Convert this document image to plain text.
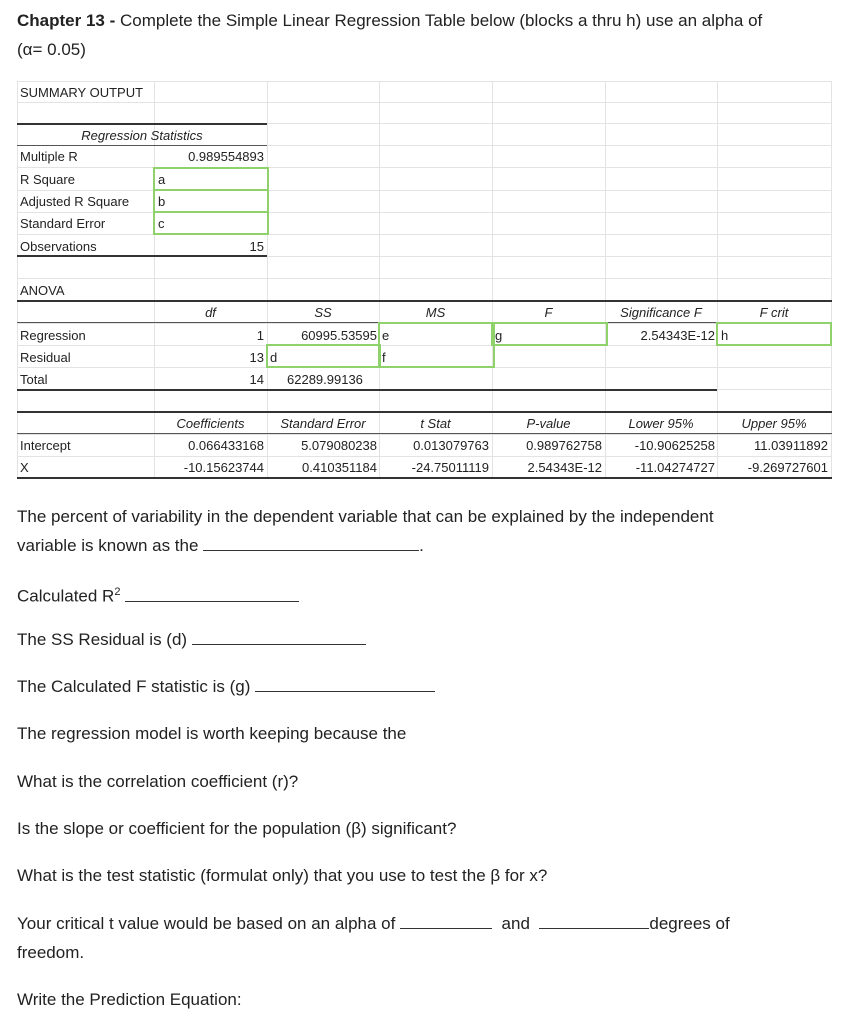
Chapter 13 - Complete the Simple Linear Regression Table below (blocks a thru h) use an alpha of
(α= 0.05)
SUMMARY OUTPUT
Regression Statistics
Multiple R	0.989554893
R Square	a
Adjusted R Square b
Standard Error	c
Observations	15
ANOVA
df	SS	MS	F	Significance F	F crit
Regression	1	60995.53595 e	g	2.54343E-12 h
Residual	13 d	f
Total	14 62289.99136
Coefficients	Standard Error	t Stat	P-value	Lower 95%	Upper 95%
Intercept	0.066433168	5.079080238	0.013079763	0.989762758	-10.90625258	11.03911892
X	-10.15623744	0.410351184	-24.75011119	2.54343E-12	-11.04274727	-9.269727601
The percent of variability in the dependent variable that can be explained by the independent
variable is known as the	.
Calculated $R^2$
The SS Residual is (d)
The Calculated F statistic is (g)
The regression model is worth keeping because the
What is the correlation coefficient (r)?
Is the slope or coefficient for the population (β) significant?
What is the test statistic (formulat only) that you use to test the β for x?
Your critical t value would be based on an alpha of	and	degrees of
freedom.
Write the Prediction Equation:
